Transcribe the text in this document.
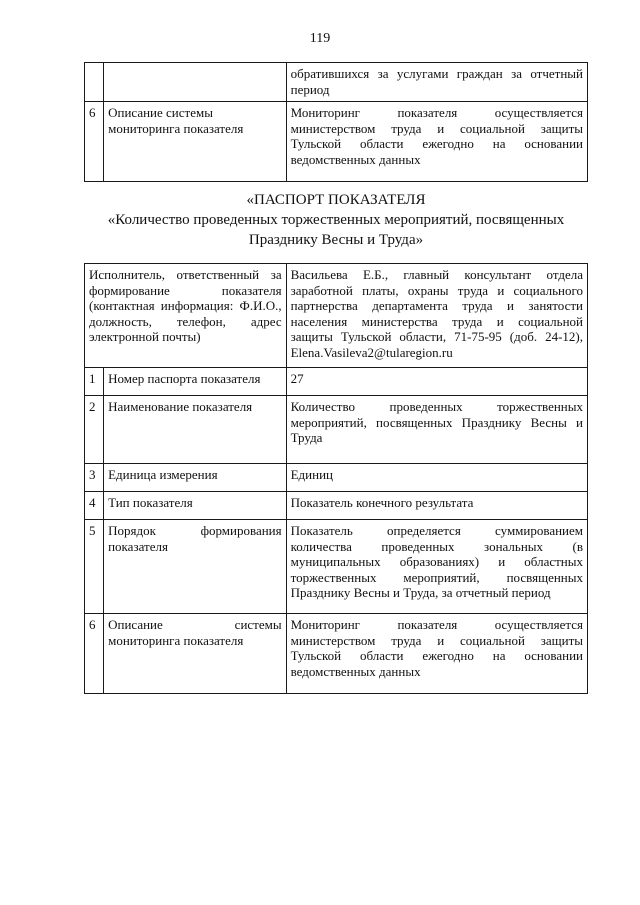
119
		обратившихся за услугами граждан за отчетный период
6	Описание системы мониторинга показателя	Мониторинг показателя осуществляется министерством труда и социальной защиты Тульской области ежегодно на основании ведомственных данных
«ПАСПОРТ ПОКАЗАТЕЛЯ
«Количество проведенных торжественных мероприятий, посвященных
Празднику Весны и Труда»
Исполнитель, ответственный за формирование показателя (контактная информация: Ф.И.О., должность, телефон, адрес электронной почты)		Васильева Е.Б., главный консультант отдела заработной платы, охраны труда и социального партнерства департамента труда и занятости населения министерства труда и социальной защиты Тульской области, 71-75-95 (доб. 24-12), Elena.Vasileva2@tularegion.ru
1	Номер паспорта показателя	27
2	Наименование показателя	Количество проведенных торжественных мероприятий, посвященных Празднику Весны и Труда
3	Единица измерения	Единиц
4	Тип показателя	Показатель конечного результата
5	Порядок формирования показателя	Показатель определяется суммированием количества проведенных зональных (в муниципальных образованиях) и областных торжественных мероприятий, посвященных Празднику Весны и Труда, за отчетный период
6	Описание системы мониторинга показателя	Мониторинг показателя осуществляется министерством труда и социальной защиты Тульской области ежегодно на основании ведомственных данных
